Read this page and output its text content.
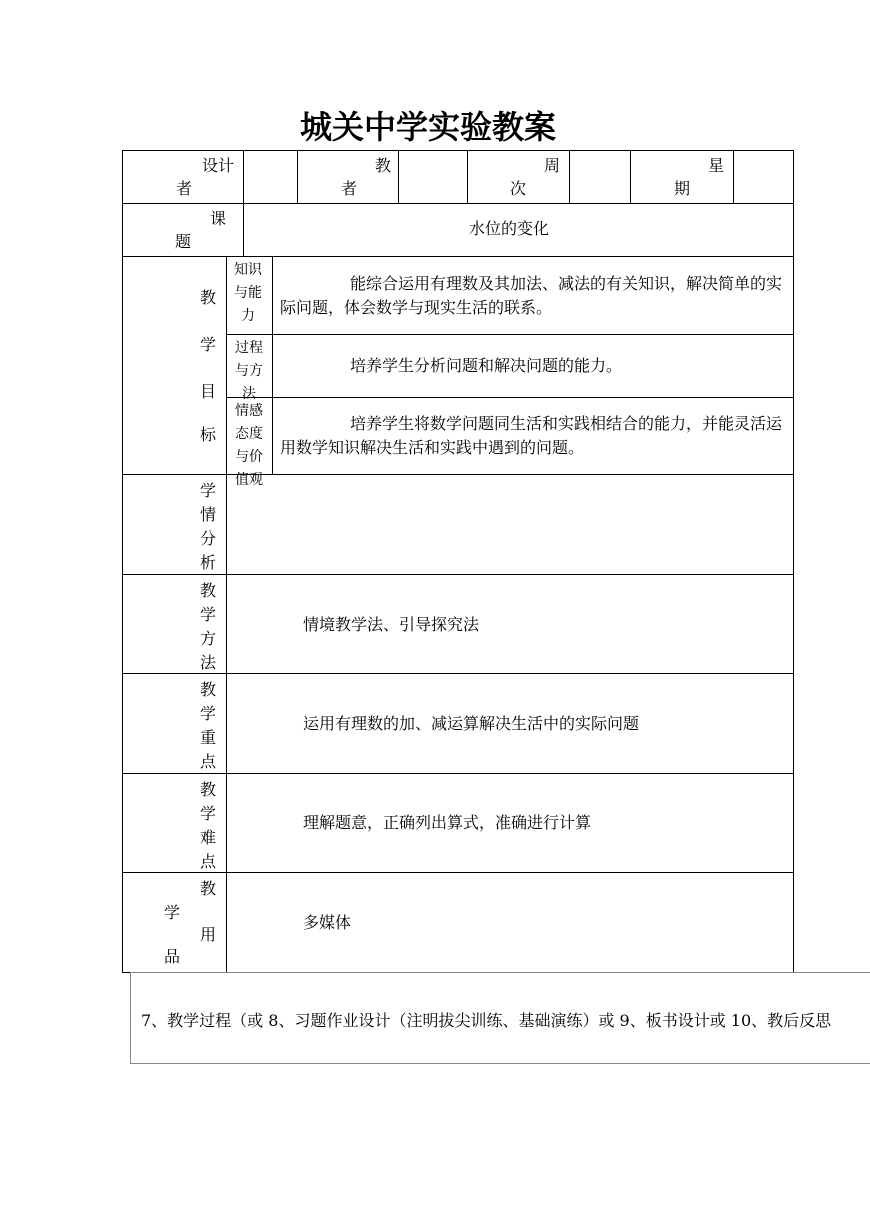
城关中学实验教案
设计
者
教
者
周
次
星
期
课
题
水位的变化
教
学
目
标
知识与能力
能综合运用有理数及其加法、减法的有关知识，解决简单的实际问题，体会数学与现实生活的联系。
过程与方法
培养学生分析问题和解决问题的能力。
情感态度与价值观
培养学生将数学问题同生活和实践相结合的能力，并能灵活运用数学知识解决生活和实践中遇到的问题。
学
情
分
析
教
学
方
法
情境教学法、引导探究法
教
学
重
点
运用有理数的加、减运算解决生活中的实际问题
教
学
难
点
理解题意，正确列出算式，准确进行计算
教
学
用
品
多媒体
7、教学过程（或 8、习题作业设计（注明拔尖训练、基础演练）或 9、板书设计或 10、教后反思
